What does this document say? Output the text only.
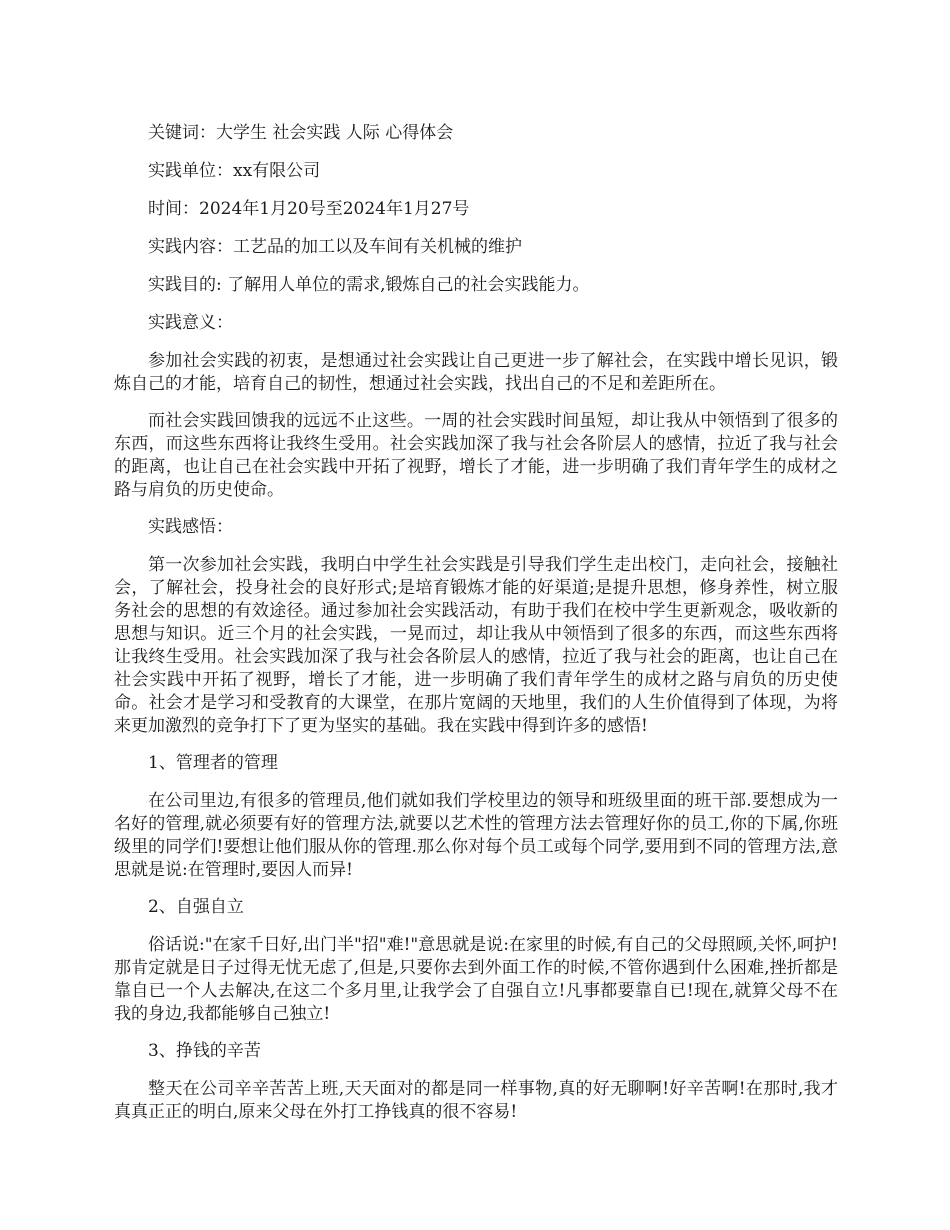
关键词：大学生 社会实践 人际 心得体会

实践单位：xx有限公司

时间：2024年1月20号至2024年1月27号

实践内容：工艺品的加工以及车间有关机械的维护

实践目的: 了解用人单位的需求,锻炼自己的社会实践能力。

实践意义：

参加社会实践的初衷，是想通过社会实践让自己更进一步了解社会，在实践中增长见识，锻炼自己的才能，培育自己的韧性，想通过社会实践，找出自己的不足和差距所在。

而社会实践回馈我的远远不止这些。一周的社会实践时间虽短，却让我从中领悟到了很多的东西，而这些东西将让我终生受用。社会实践加深了我与社会各阶层人的感情，拉近了我与社会的距离，也让自己在社会实践中开拓了视野，增长了才能，进一步明确了我们青年学生的成材之路与肩负的历史使命。

实践感悟：

第一次参加社会实践，我明白中学生社会实践是引导我们学生走出校门，走向社会，接触社会，了解社会，投身社会的良好形式;是培育锻炼才能的好渠道;是提升思想，修身养性，树立服务社会的思想的有效途径。通过参加社会实践活动，有助于我们在校中学生更新观念，吸收新的思想与知识。近三个月的社会实践，一晃而过，却让我从中领悟到了很多的东西，而这些东西将让我终生受用。社会实践加深了我与社会各阶层人的感情，拉近了我与社会的距离，也让自己在社会实践中开拓了视野，增长了才能，进一步明确了我们青年学生的成材之路与肩负的历史使命。社会才是学习和受教育的大课堂，在那片宽阔的天地里，我们的人生价值得到了体现，为将来更加激烈的竞争打下了更为坚实的基础。我在实践中得到许多的感悟!

1、管理者的管理

在公司里边,有很多的管理员,他们就如我们学校里边的领导和班级里面的班干部.要想成为一名好的管理,就必须要有好的管理方法,就要以艺术性的管理方法去管理好你的员工,你的下属,你班级里的同学们!要想让他们服从你的管理.那么你对每个员工或每个同学,要用到不同的管理方法,意思就是说:在管理时,要因人而异!

2、自强自立

俗话说:"在家千日好,出门半"招"难!"意思就是说:在家里的时候,有自己的父母照顾,关怀,呵护!那肯定就是日子过得无忧无虑了,但是,只要你去到外面工作的时候,不管你遇到什么困难,挫折都是靠自已一个人去解决,在这二个多月里,让我学会了自强自立!凡事都要靠自已!现在,就算父母不在我的身边,我都能够自己独立!

3、挣钱的辛苦

整天在公司辛辛苦苦上班,天天面对的都是同一样事物,真的好无聊啊!好辛苦啊!在那时,我才真真正正的明白,原来父母在外打工挣钱真的很不容易!
